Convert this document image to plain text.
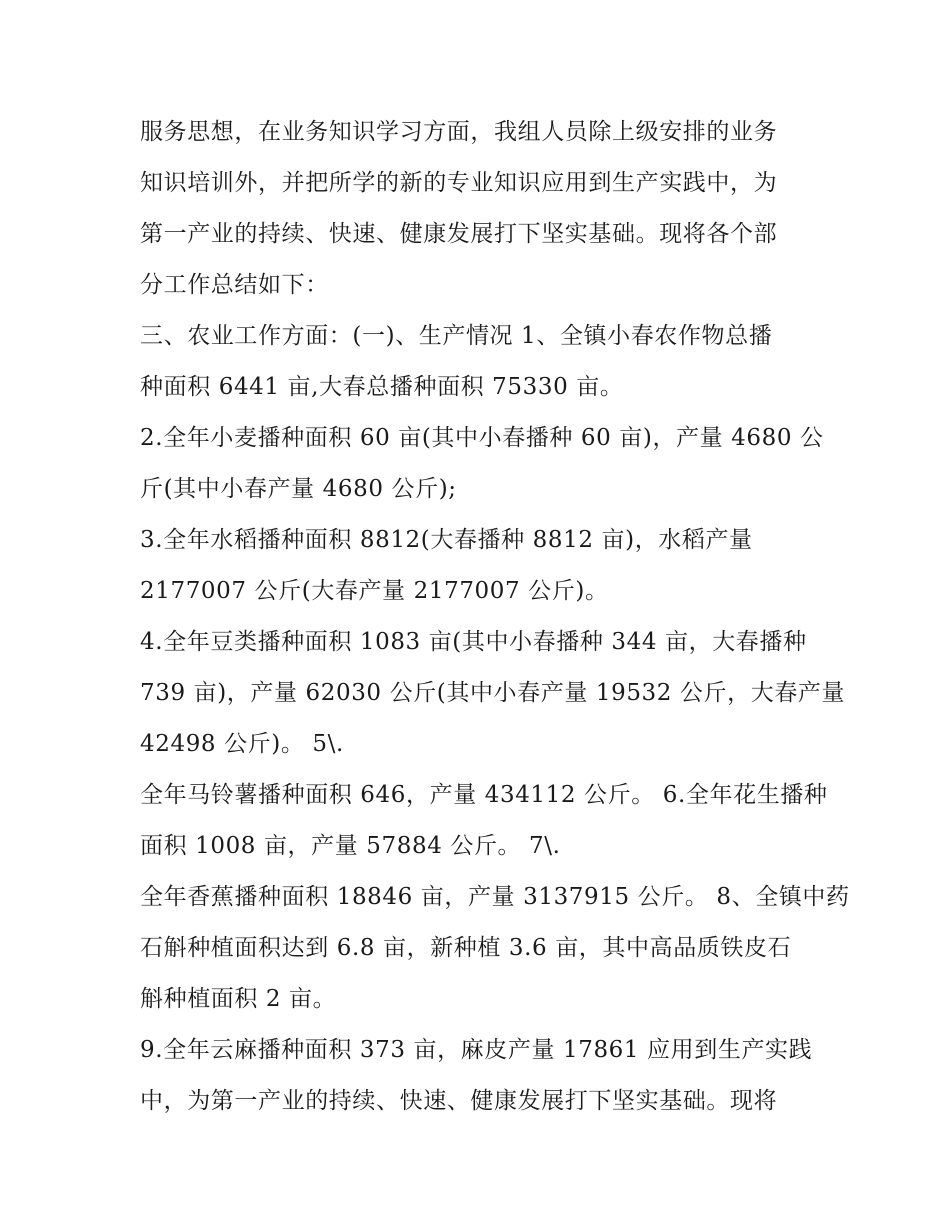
服务思想，在业务知识学习方面，我组人员除上级安排的业务
知识培训外，并把所学的新的专业知识应用到生产实践中，为
第一产业的持续、快速、健康发展打下坚实基础。现将各个部
分工作总结如下：
三、农业工作方面：(一)、生产情况 1、全镇小春农作物总播
种面积 6441 亩,大春总播种面积 75330 亩。
2.全年小麦播种面积 60 亩(其中小春播种 60 亩)，产量 4680 公
斤(其中小春产量 4680 公斤);
3.全年水稻播种面积 8812(大春播种 8812 亩)，水稻产量
2177007 公斤(大春产量 2177007 公斤)。
4.全年豆类播种面积 1083 亩(其中小春播种 344 亩，大春播种
739 亩)，产量 62030 公斤(其中小春产量 19532 公斤，大春产量
42498 公斤)。 5\.
全年马铃薯播种面积 646，产量 434112 公斤。 6.全年花生播种
面积 1008 亩，产量 57884 公斤。 7\.
全年香蕉播种面积 18846 亩，产量 3137915 公斤。 8、全镇中药
石斛种植面积达到 6.8 亩，新种植 3.6 亩，其中高品质铁皮石
斛种植面积 2 亩。
9.全年云麻播种面积 373 亩，麻皮产量 17861 应用到生产实践
中，为第一产业的持续、快速、健康发展打下坚实基础。现将
